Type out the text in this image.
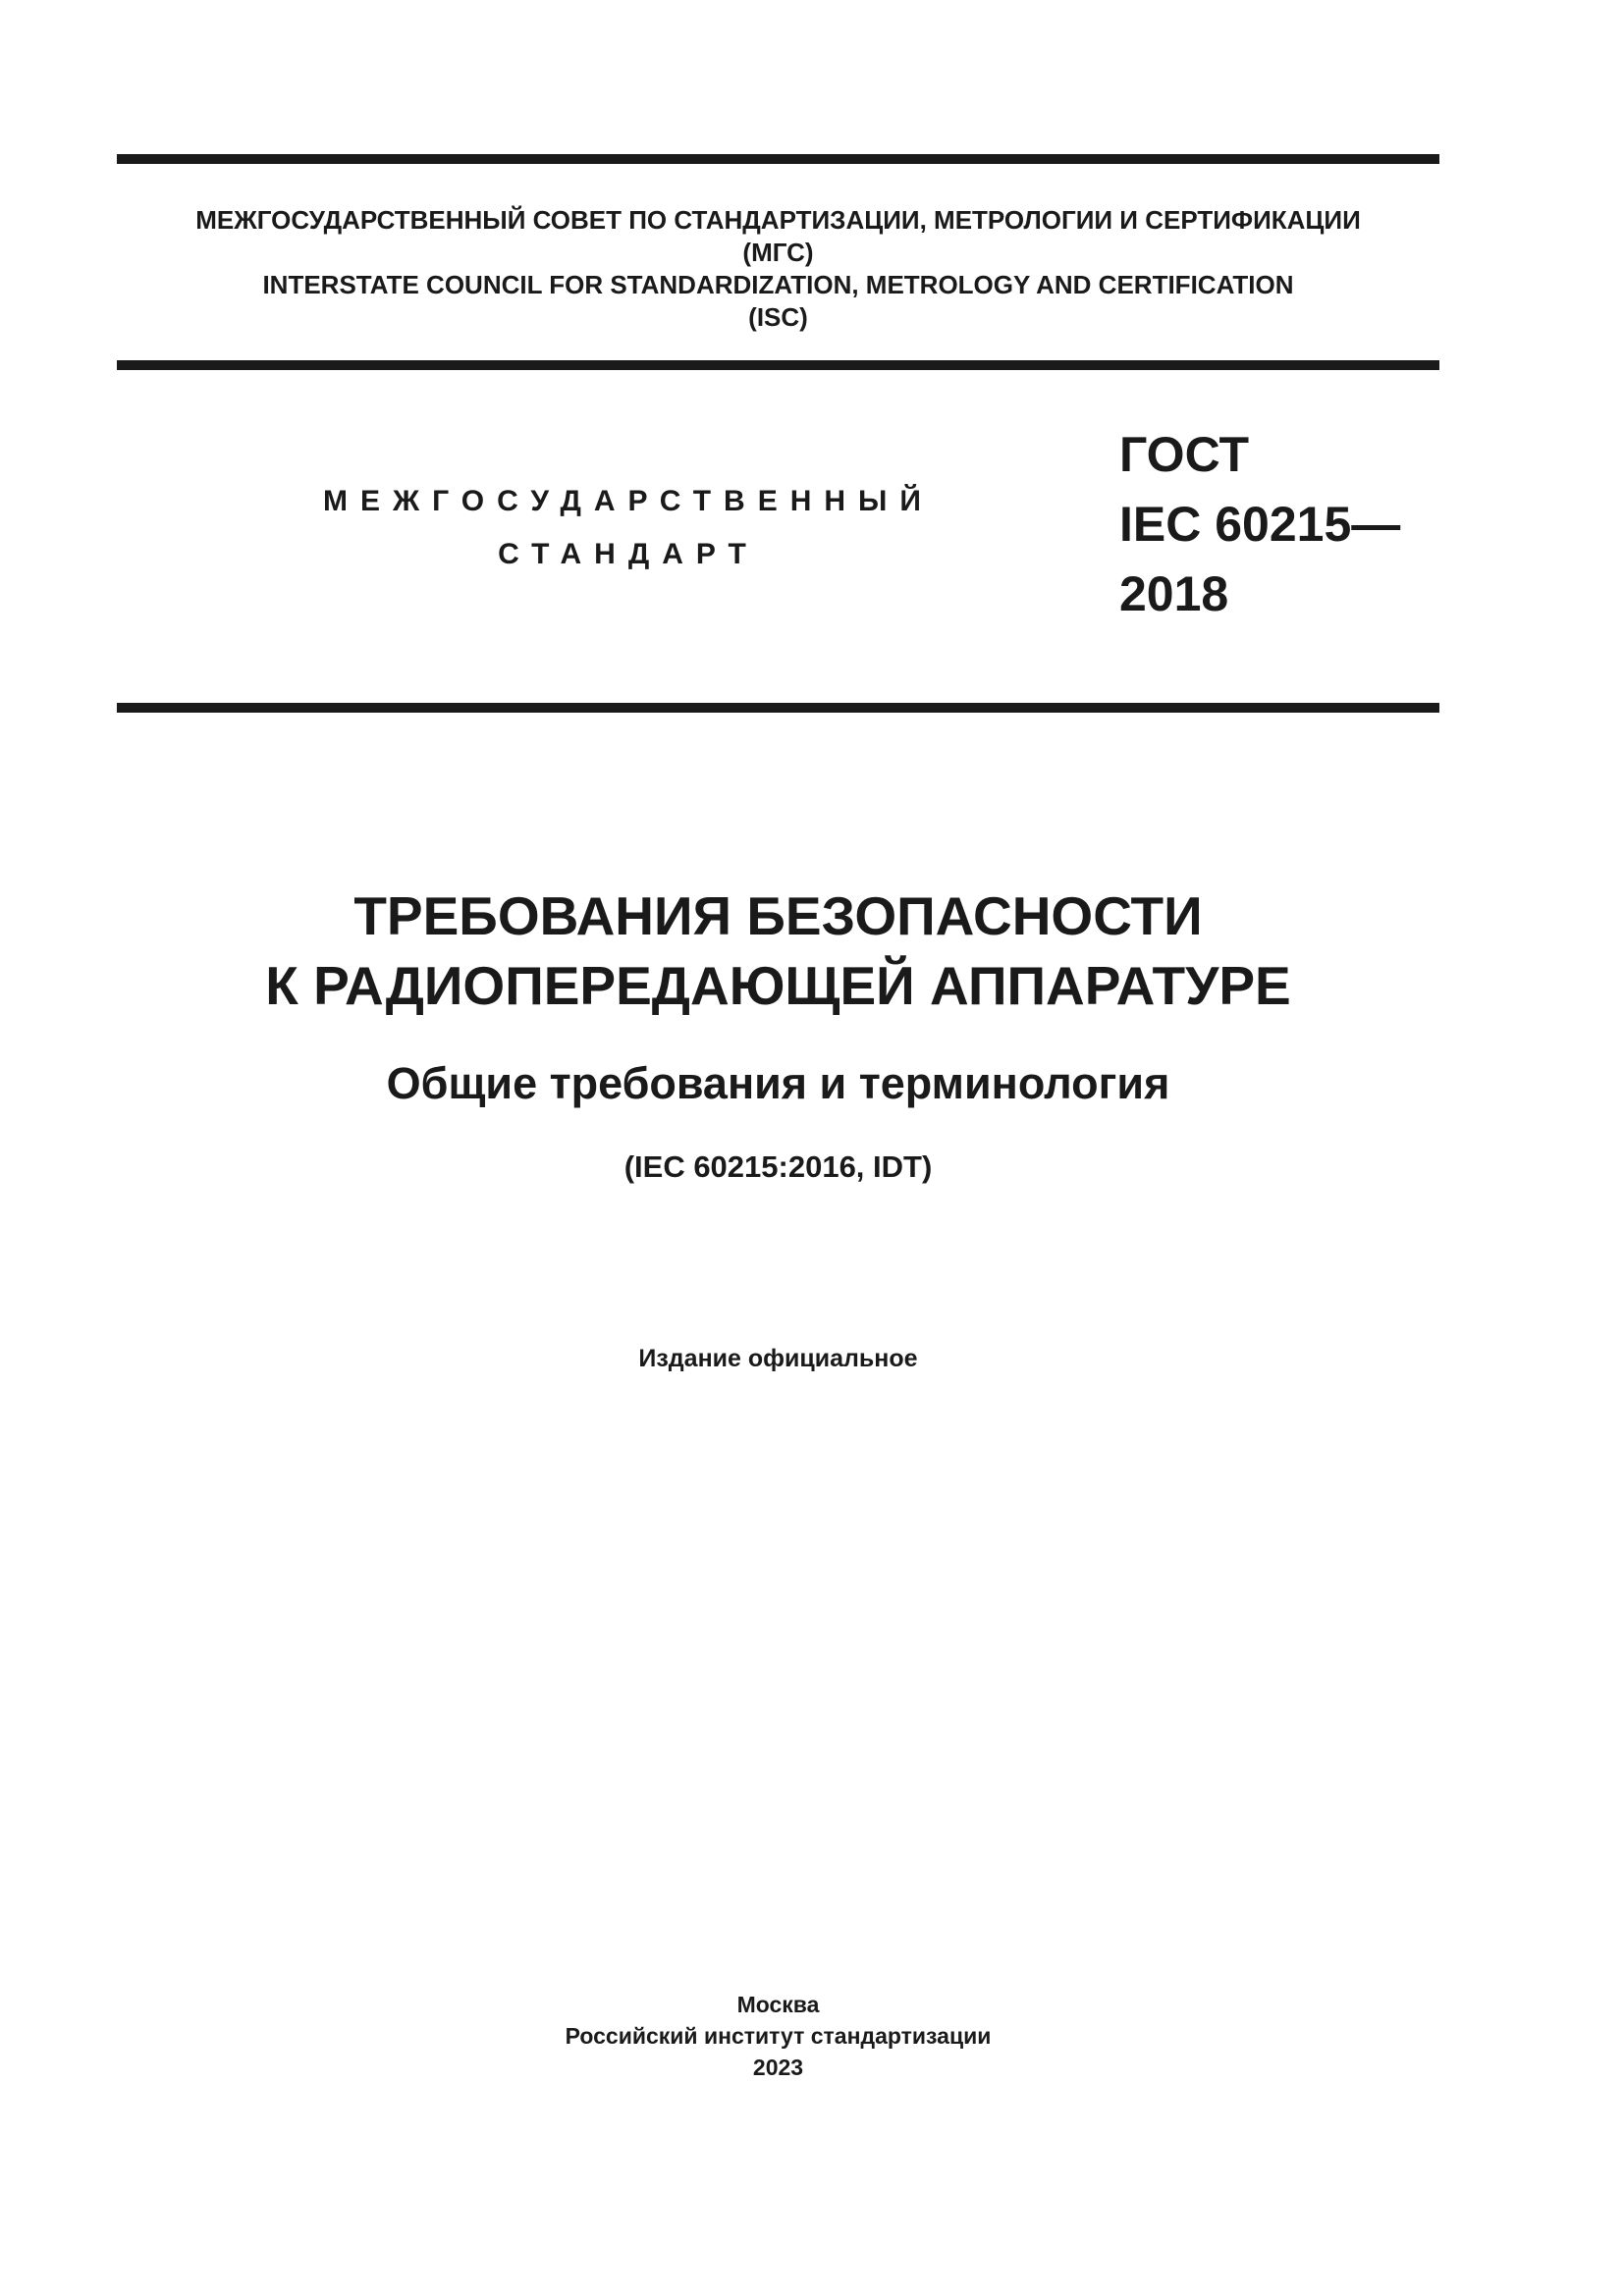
МЕЖГОСУДАРСТВЕННЫЙ СОВЕТ ПО СТАНДАРТИЗАЦИИ, МЕТРОЛОГИИ И СЕРТИФИКАЦИИ
(МГС)
INTERSTATE COUNCIL FOR STANDARDIZATION, METROLOGY AND CERTIFICATION
(ISC)
МЕЖГОСУДАРСТВЕННЫЙ
СТАНДАРТ
ГОСТ
IEC 60215—
2018
ТРЕБОВАНИЯ БЕЗОПАСНОСТИ
К РАДИОПЕРЕДАЮЩЕЙ АППАРАТУРЕ
Общие требования и терминология
(IEC 60215:2016, IDT)
Издание официальное
Москва
Российский институт стандартизации
2023
